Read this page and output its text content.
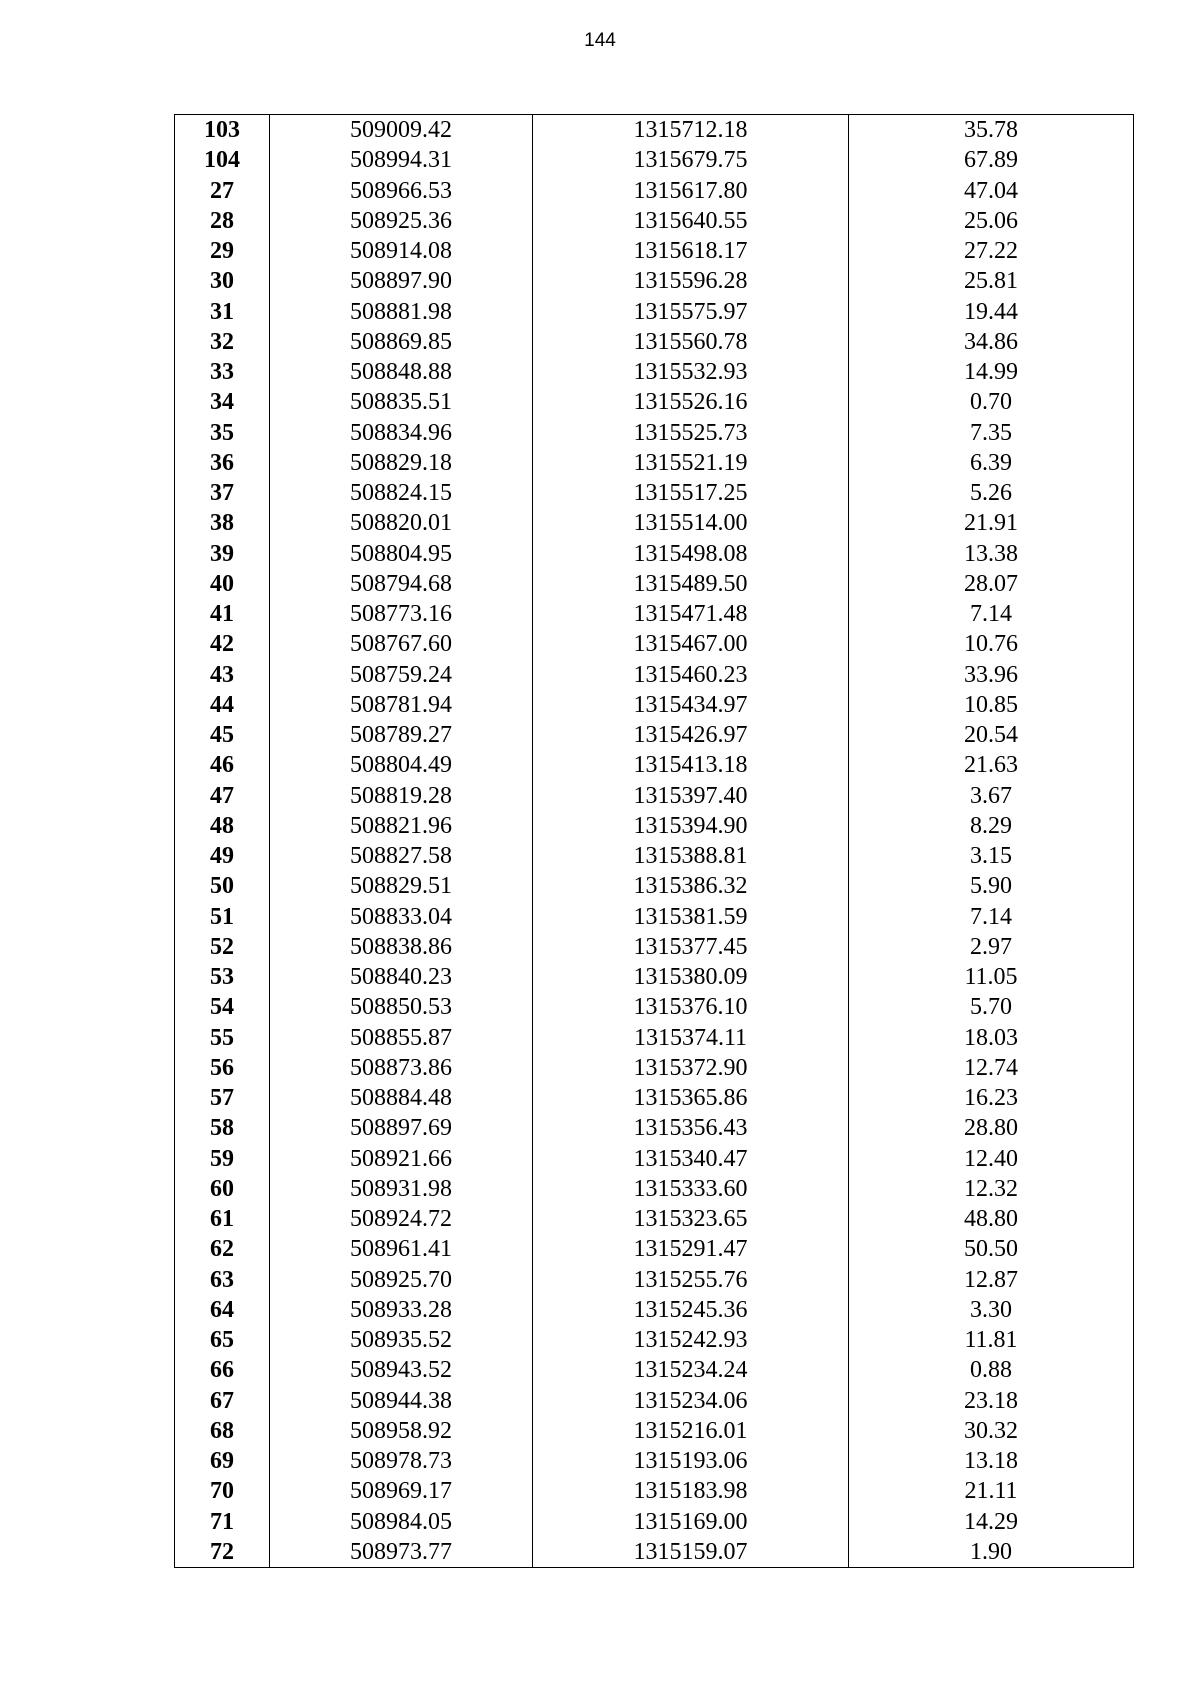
144
103	509009.42	1315712.18	35.78
104	508994.31	1315679.75	67.89
27	508966.53	1315617.80	47.04
28	508925.36	1315640.55	25.06
29	508914.08	1315618.17	27.22
30	508897.90	1315596.28	25.81
31	508881.98	1315575.97	19.44
32	508869.85	1315560.78	34.86
33	508848.88	1315532.93	14.99
34	508835.51	1315526.16	0.70
35	508834.96	1315525.73	7.35
36	508829.18	1315521.19	6.39
37	508824.15	1315517.25	5.26
38	508820.01	1315514.00	21.91
39	508804.95	1315498.08	13.38
40	508794.68	1315489.50	28.07
41	508773.16	1315471.48	7.14
42	508767.60	1315467.00	10.76
43	508759.24	1315460.23	33.96
44	508781.94	1315434.97	10.85
45	508789.27	1315426.97	20.54
46	508804.49	1315413.18	21.63
47	508819.28	1315397.40	3.67
48	508821.96	1315394.90	8.29
49	508827.58	1315388.81	3.15
50	508829.51	1315386.32	5.90
51	508833.04	1315381.59	7.14
52	508838.86	1315377.45	2.97
53	508840.23	1315380.09	11.05
54	508850.53	1315376.10	5.70
55	508855.87	1315374.11	18.03
56	508873.86	1315372.90	12.74
57	508884.48	1315365.86	16.23
58	508897.69	1315356.43	28.80
59	508921.66	1315340.47	12.40
60	508931.98	1315333.60	12.32
61	508924.72	1315323.65	48.80
62	508961.41	1315291.47	50.50
63	508925.70	1315255.76	12.87
64	508933.28	1315245.36	3.30
65	508935.52	1315242.93	11.81
66	508943.52	1315234.24	0.88
67	508944.38	1315234.06	23.18
68	508958.92	1315216.01	30.32
69	508978.73	1315193.06	13.18
70	508969.17	1315183.98	21.11
71	508984.05	1315169.00	14.29
72	508973.77	1315159.07	1.90
